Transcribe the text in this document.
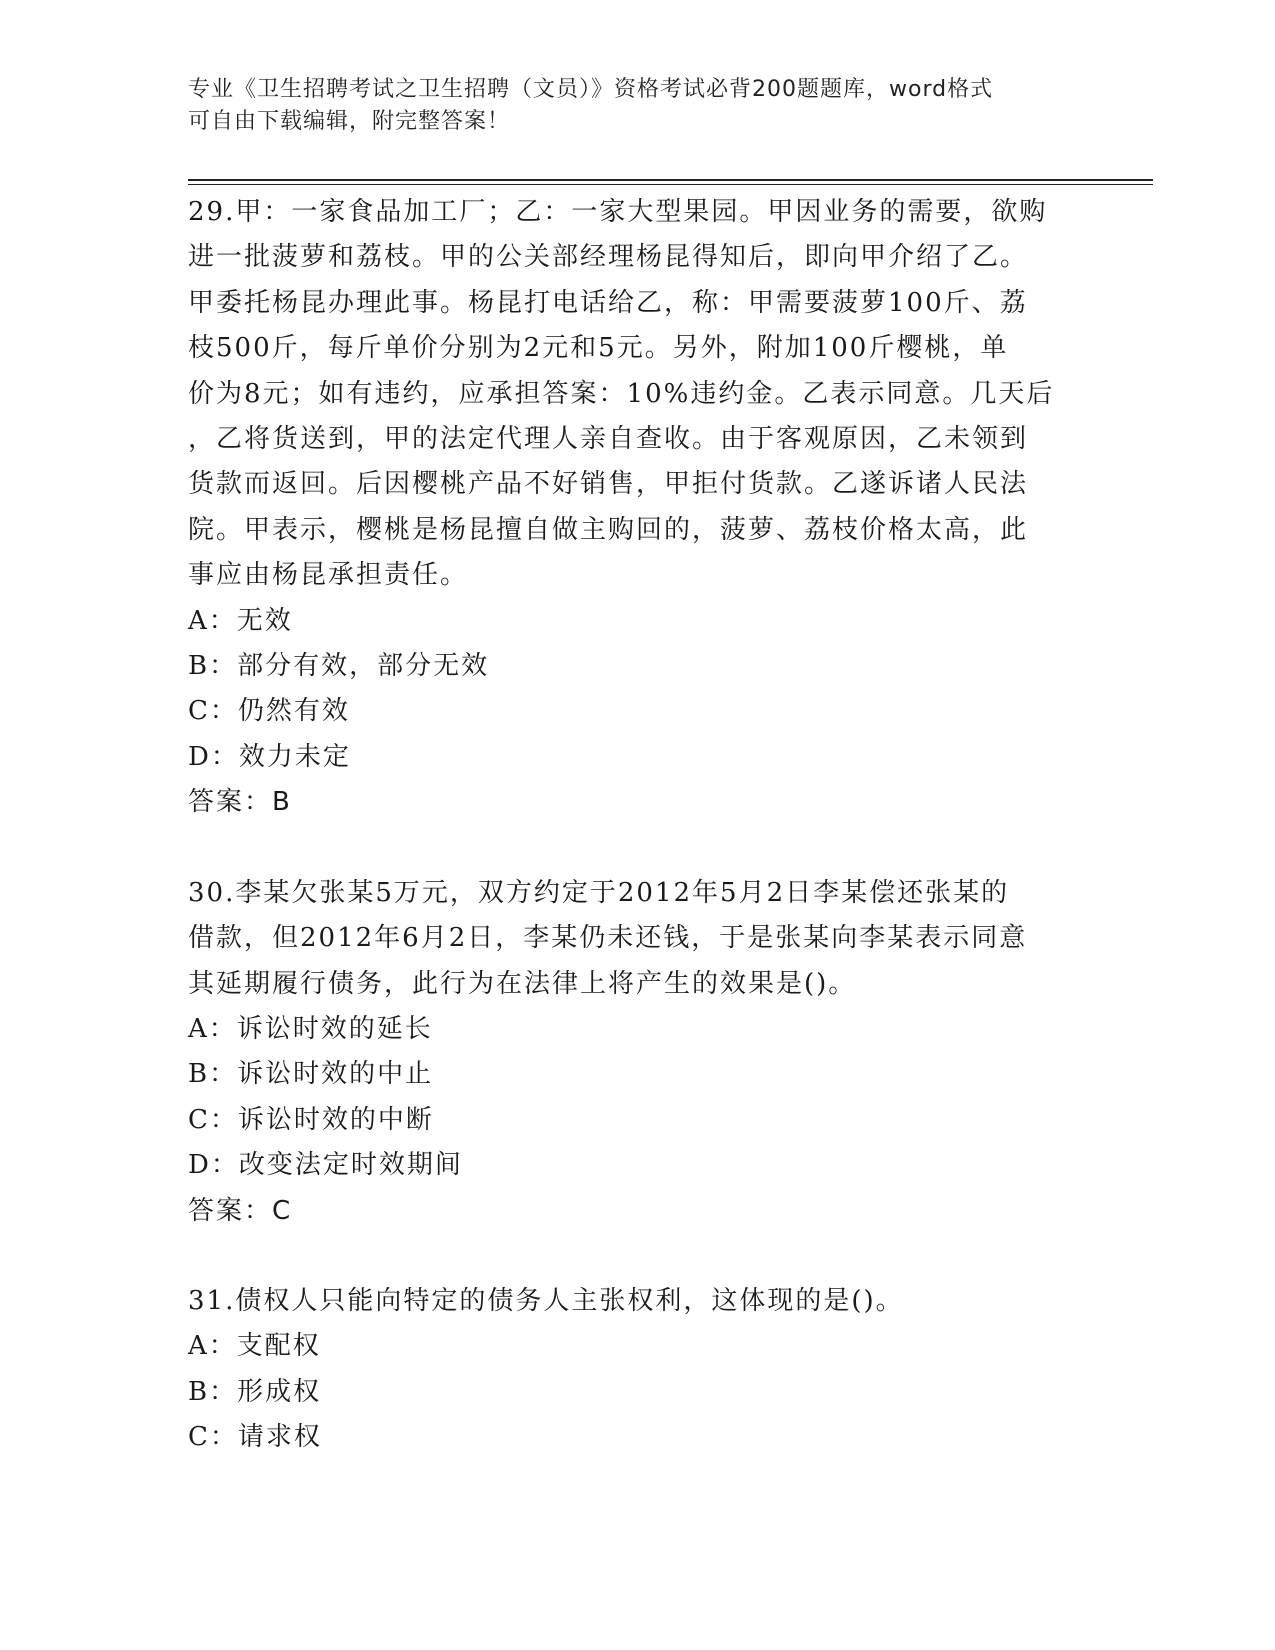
专业《卫生招聘考试之卫生招聘（文员）》资格考试必背200题题库，word格式
可自由下载编辑，附完整答案！
29.甲：一家食品加工厂；乙：一家大型果园。甲因业务的需要，欲购
进一批菠萝和荔枝。甲的公关部经理杨昆得知后，即向甲介绍了乙。
甲委托杨昆办理此事。杨昆打电话给乙，称：甲需要菠萝100斤、荔
枝500斤，每斤单价分别为2元和5元。另外，附加100斤樱桃，单
价为8元；如有违约，应承担答案：10%违约金。乙表示同意。几天后
，乙将货送到，甲的法定代理人亲自查收。由于客观原因，乙未领到
货款而返回。后因樱桃产品不好销售，甲拒付货款。乙遂诉诸人民法
院。甲表示，樱桃是杨昆擅自做主购回的，菠萝、荔枝价格太高，此
事应由杨昆承担责任。
A：无效
B：部分有效，部分无效
C：仍然有效
D：效力未定
答案：B
30.李某欠张某5万元，双方约定于2012年5月2日李某偿还张某的
借款，但2012年6月2日，李某仍未还钱，于是张某向李某表示同意
其延期履行债务，此行为在法律上将产生的效果是()。
A：诉讼时效的延长
B：诉讼时效的中止
C：诉讼时效的中断
D：改变法定时效期间
答案：C
31.债权人只能向特定的债务人主张权利，这体现的是()。
A：支配权
B：形成权
C：请求权
